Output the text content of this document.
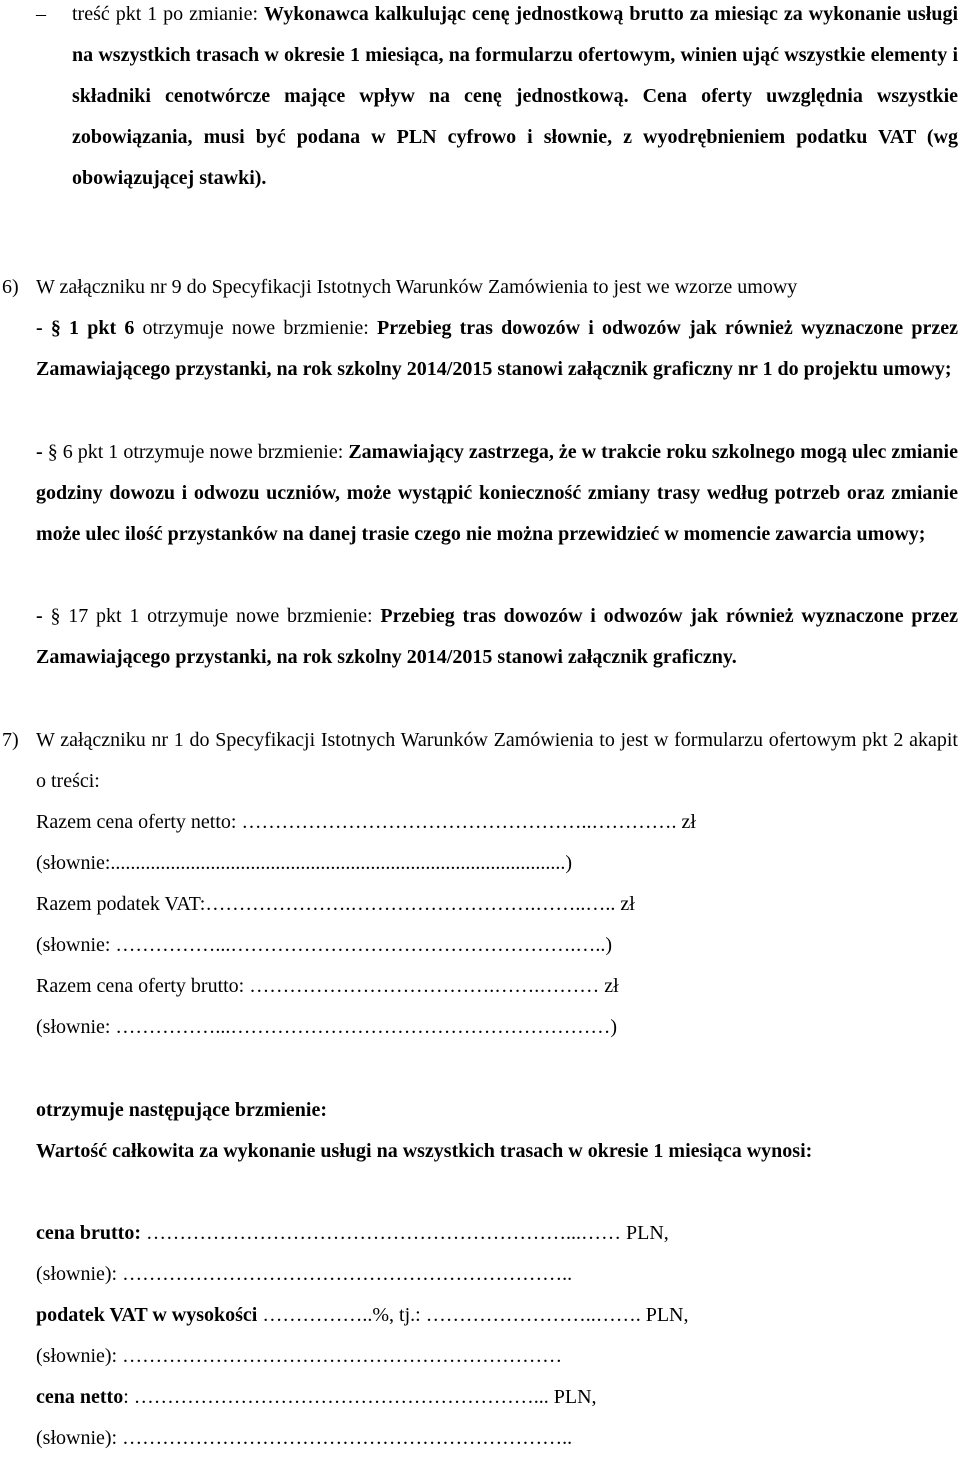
– treść pkt 1 po zmianie: Wykonawca kalkulując cenę jednostkową brutto za miesiąc za wykonanie usługi na wszystkich trasach w okresie 1 miesiąca, na formularzu ofertowym, winien ująć wszystkie elementy i składniki cenotwórcze mające wpływ na cenę jednostkową. Cena oferty uwzględnia wszystkie zobowiązania, musi być podana w PLN cyfrowo i słownie, z wyodrębnieniem podatku VAT (wg obowiązującej stawki).
6) W załączniku nr 9 do Specyfikacji Istotnych Warunków Zamówienia to jest we wzorze umowy
- § 1 pkt 6 otrzymuje nowe brzmienie: Przebieg tras dowozów i odwozów jak również wyznaczone przez Zamawiającego przystanki, na rok szkolny 2014/2015 stanowi załącznik graficzny nr 1 do projektu umowy;
- § 6 pkt 1 otrzymuje nowe brzmienie: Zamawiający zastrzega, że w trakcie roku szkolnego mogą ulec zmianie godziny dowozu i odwozu uczniów, może wystąpić konieczność zmiany trasy według potrzeb oraz zmianie może ulec ilość przystanków na danej trasie czego nie można przewidzieć w momencie zawarcia umowy;
- § 17 pkt 1 otrzymuje nowe brzmienie: Przebieg tras dowozów i odwozów jak również wyznaczone przez Zamawiającego przystanki, na rok szkolny 2014/2015 stanowi załącznik graficzny.
7) W załączniku nr 1 do Specyfikacji Istotnych Warunków Zamówienia to jest w formularzu ofertowym pkt 2 akapit o treści:
Razem cena oferty netto: ……………………………………………..…………. zł
(słownie:...........................................................................................)
Razem podatek VAT:………………….……………………….……..….. zł
(słownie: ……………...…………………………………………….…..)
Razem cena oferty brutto: ……………………………….…….……… zł
(słownie: ……………...…………………………………………………)
otrzymuje następujące brzmienie:
Wartość całkowita za wykonanie usługi na wszystkich trasach w okresie 1 miesiąca wynosi:
cena brutto: ………………………………………………………...…… PLN,
(słownie): …………………………………………………………..
podatek VAT w wysokości ……………..%, tj.: ……………………..……. PLN,
(słownie): …………………………………………………………
cena netto: ……………………………………………………... PLN,
(słownie): …………………………………………………………..
